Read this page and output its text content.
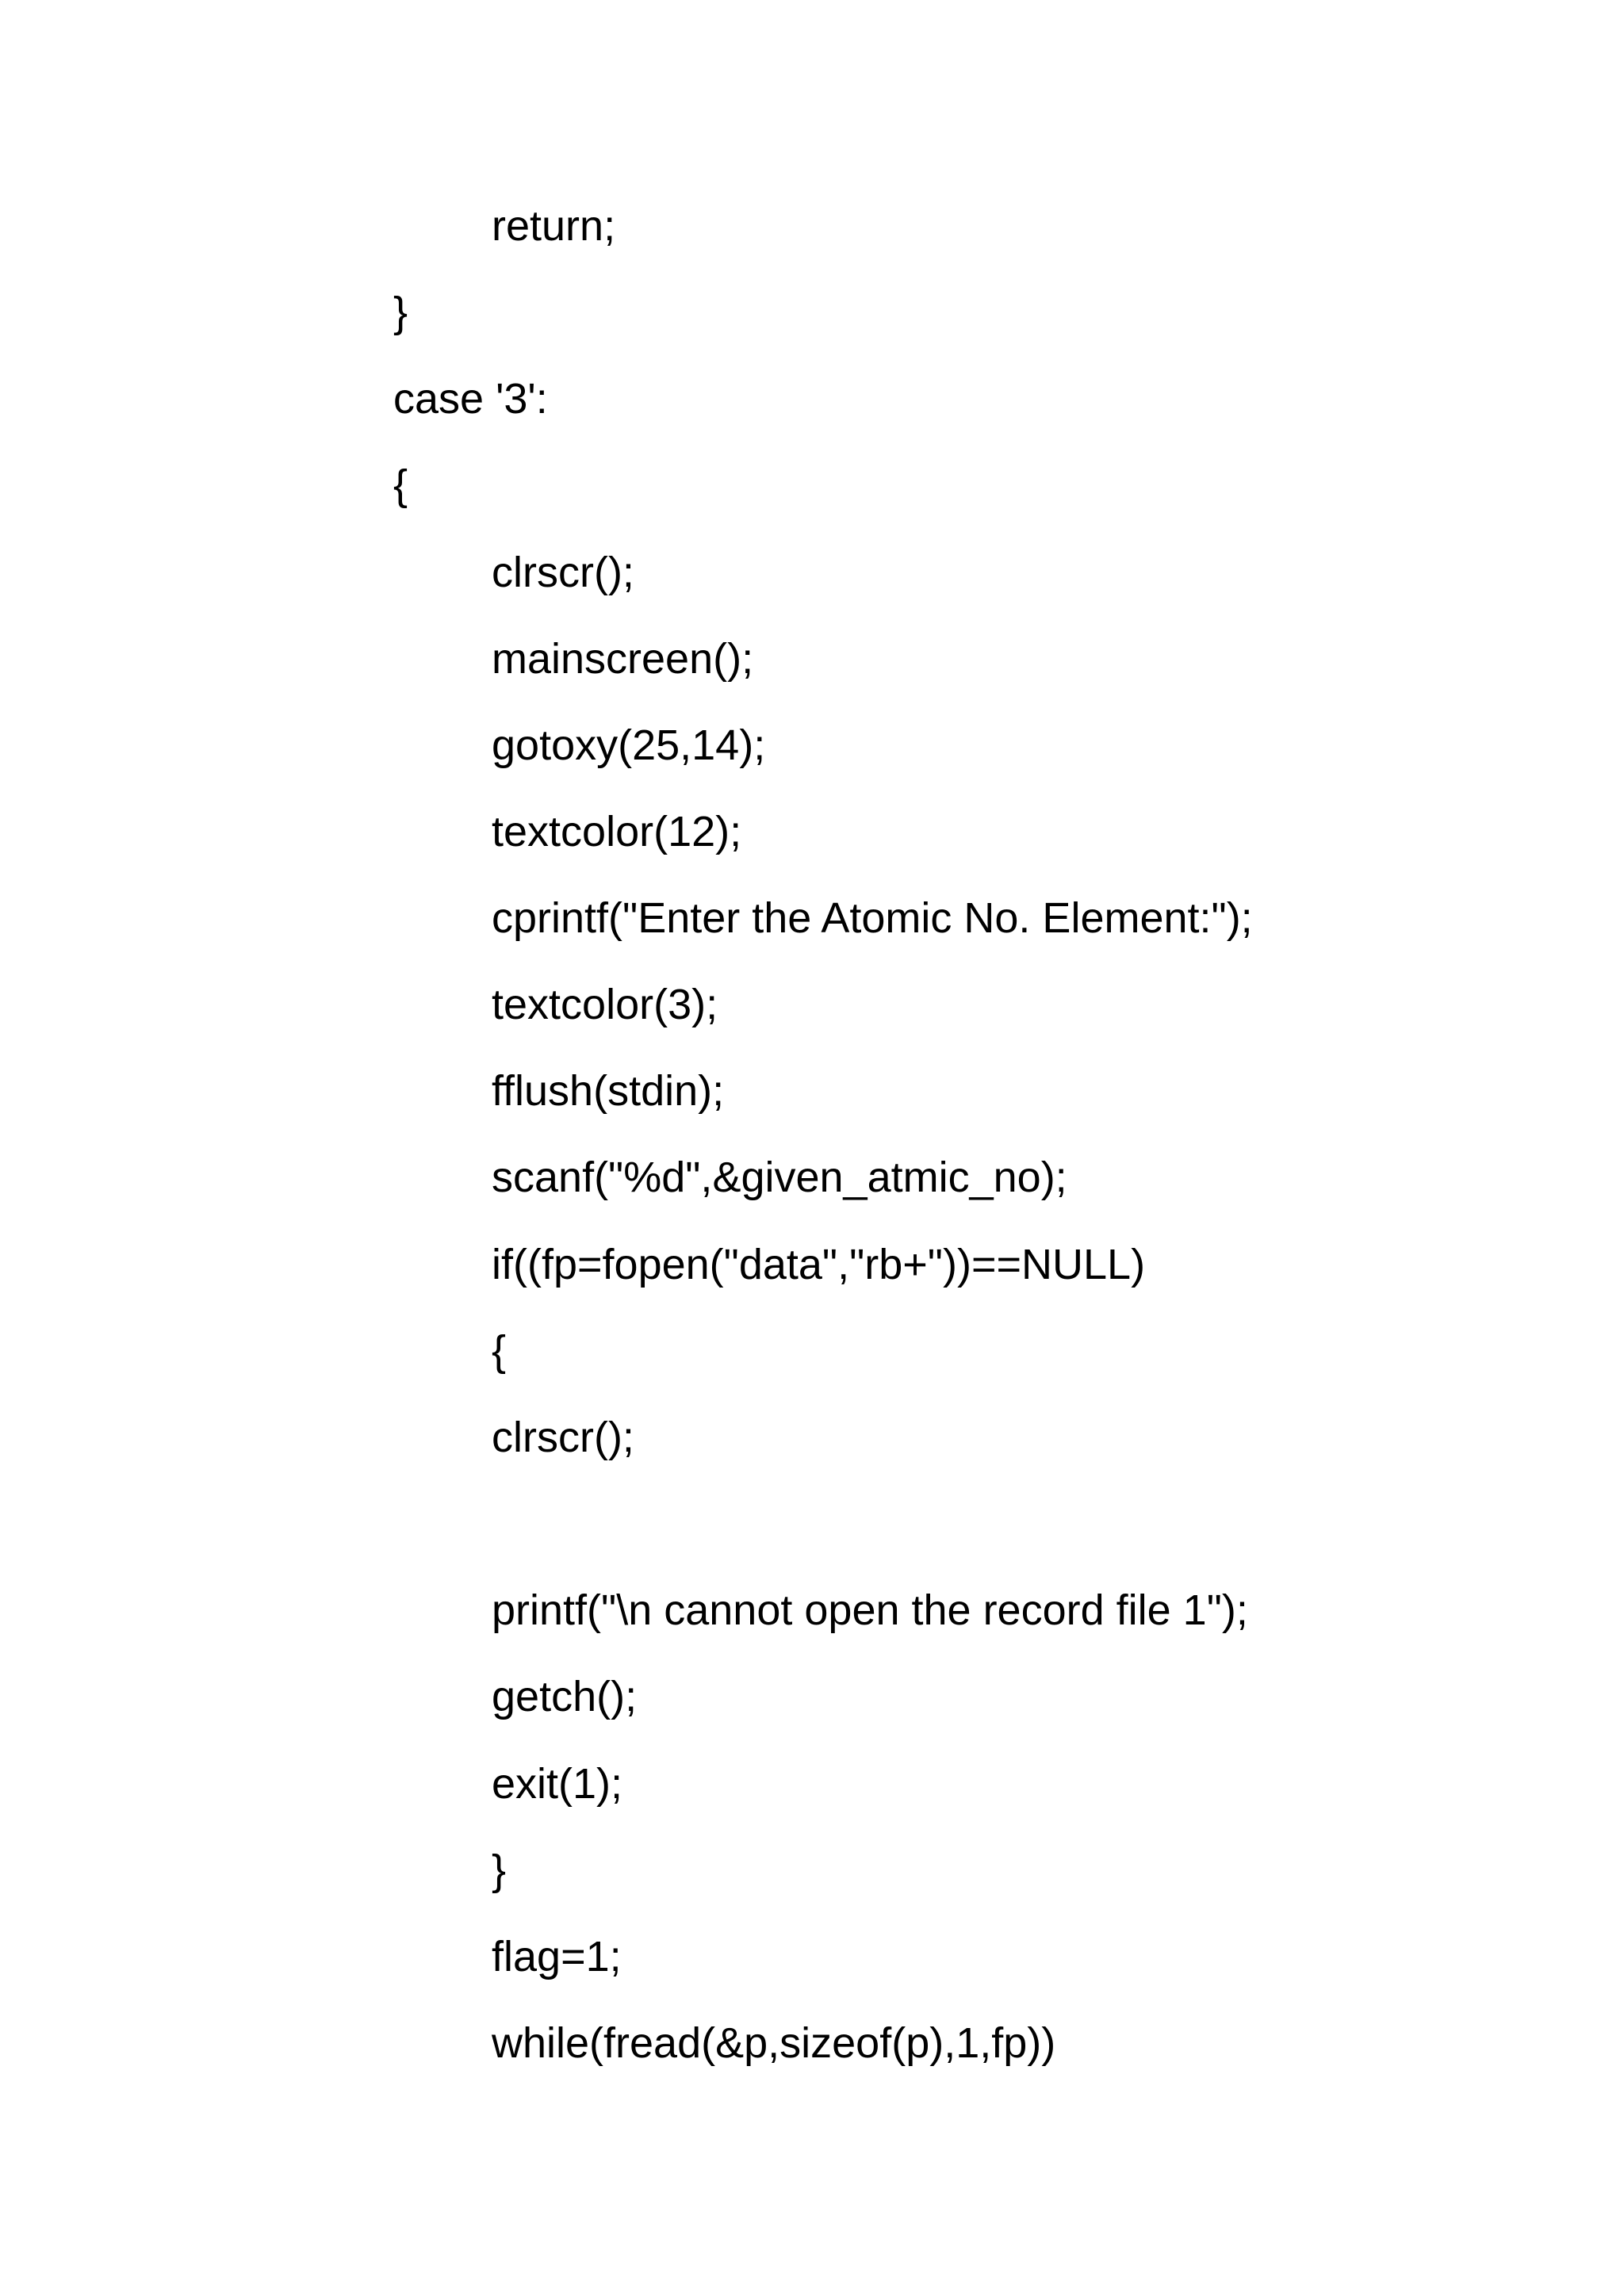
return;
}
case '3':
{
clrscr();
mainscreen();
gotoxy(25,14);
textcolor(12);
cprintf("Enter the Atomic No. Element:");
textcolor(3);
fflush(stdin);
scanf("%d",&given_atmic_no);
if((fp=fopen("data","rb+"))==NULL)
{
clrscr();
printf("\n cannot open the record file 1");
getch();
exit(1);
}
flag=1;
while(fread(&p,sizeof(p),1,fp))
